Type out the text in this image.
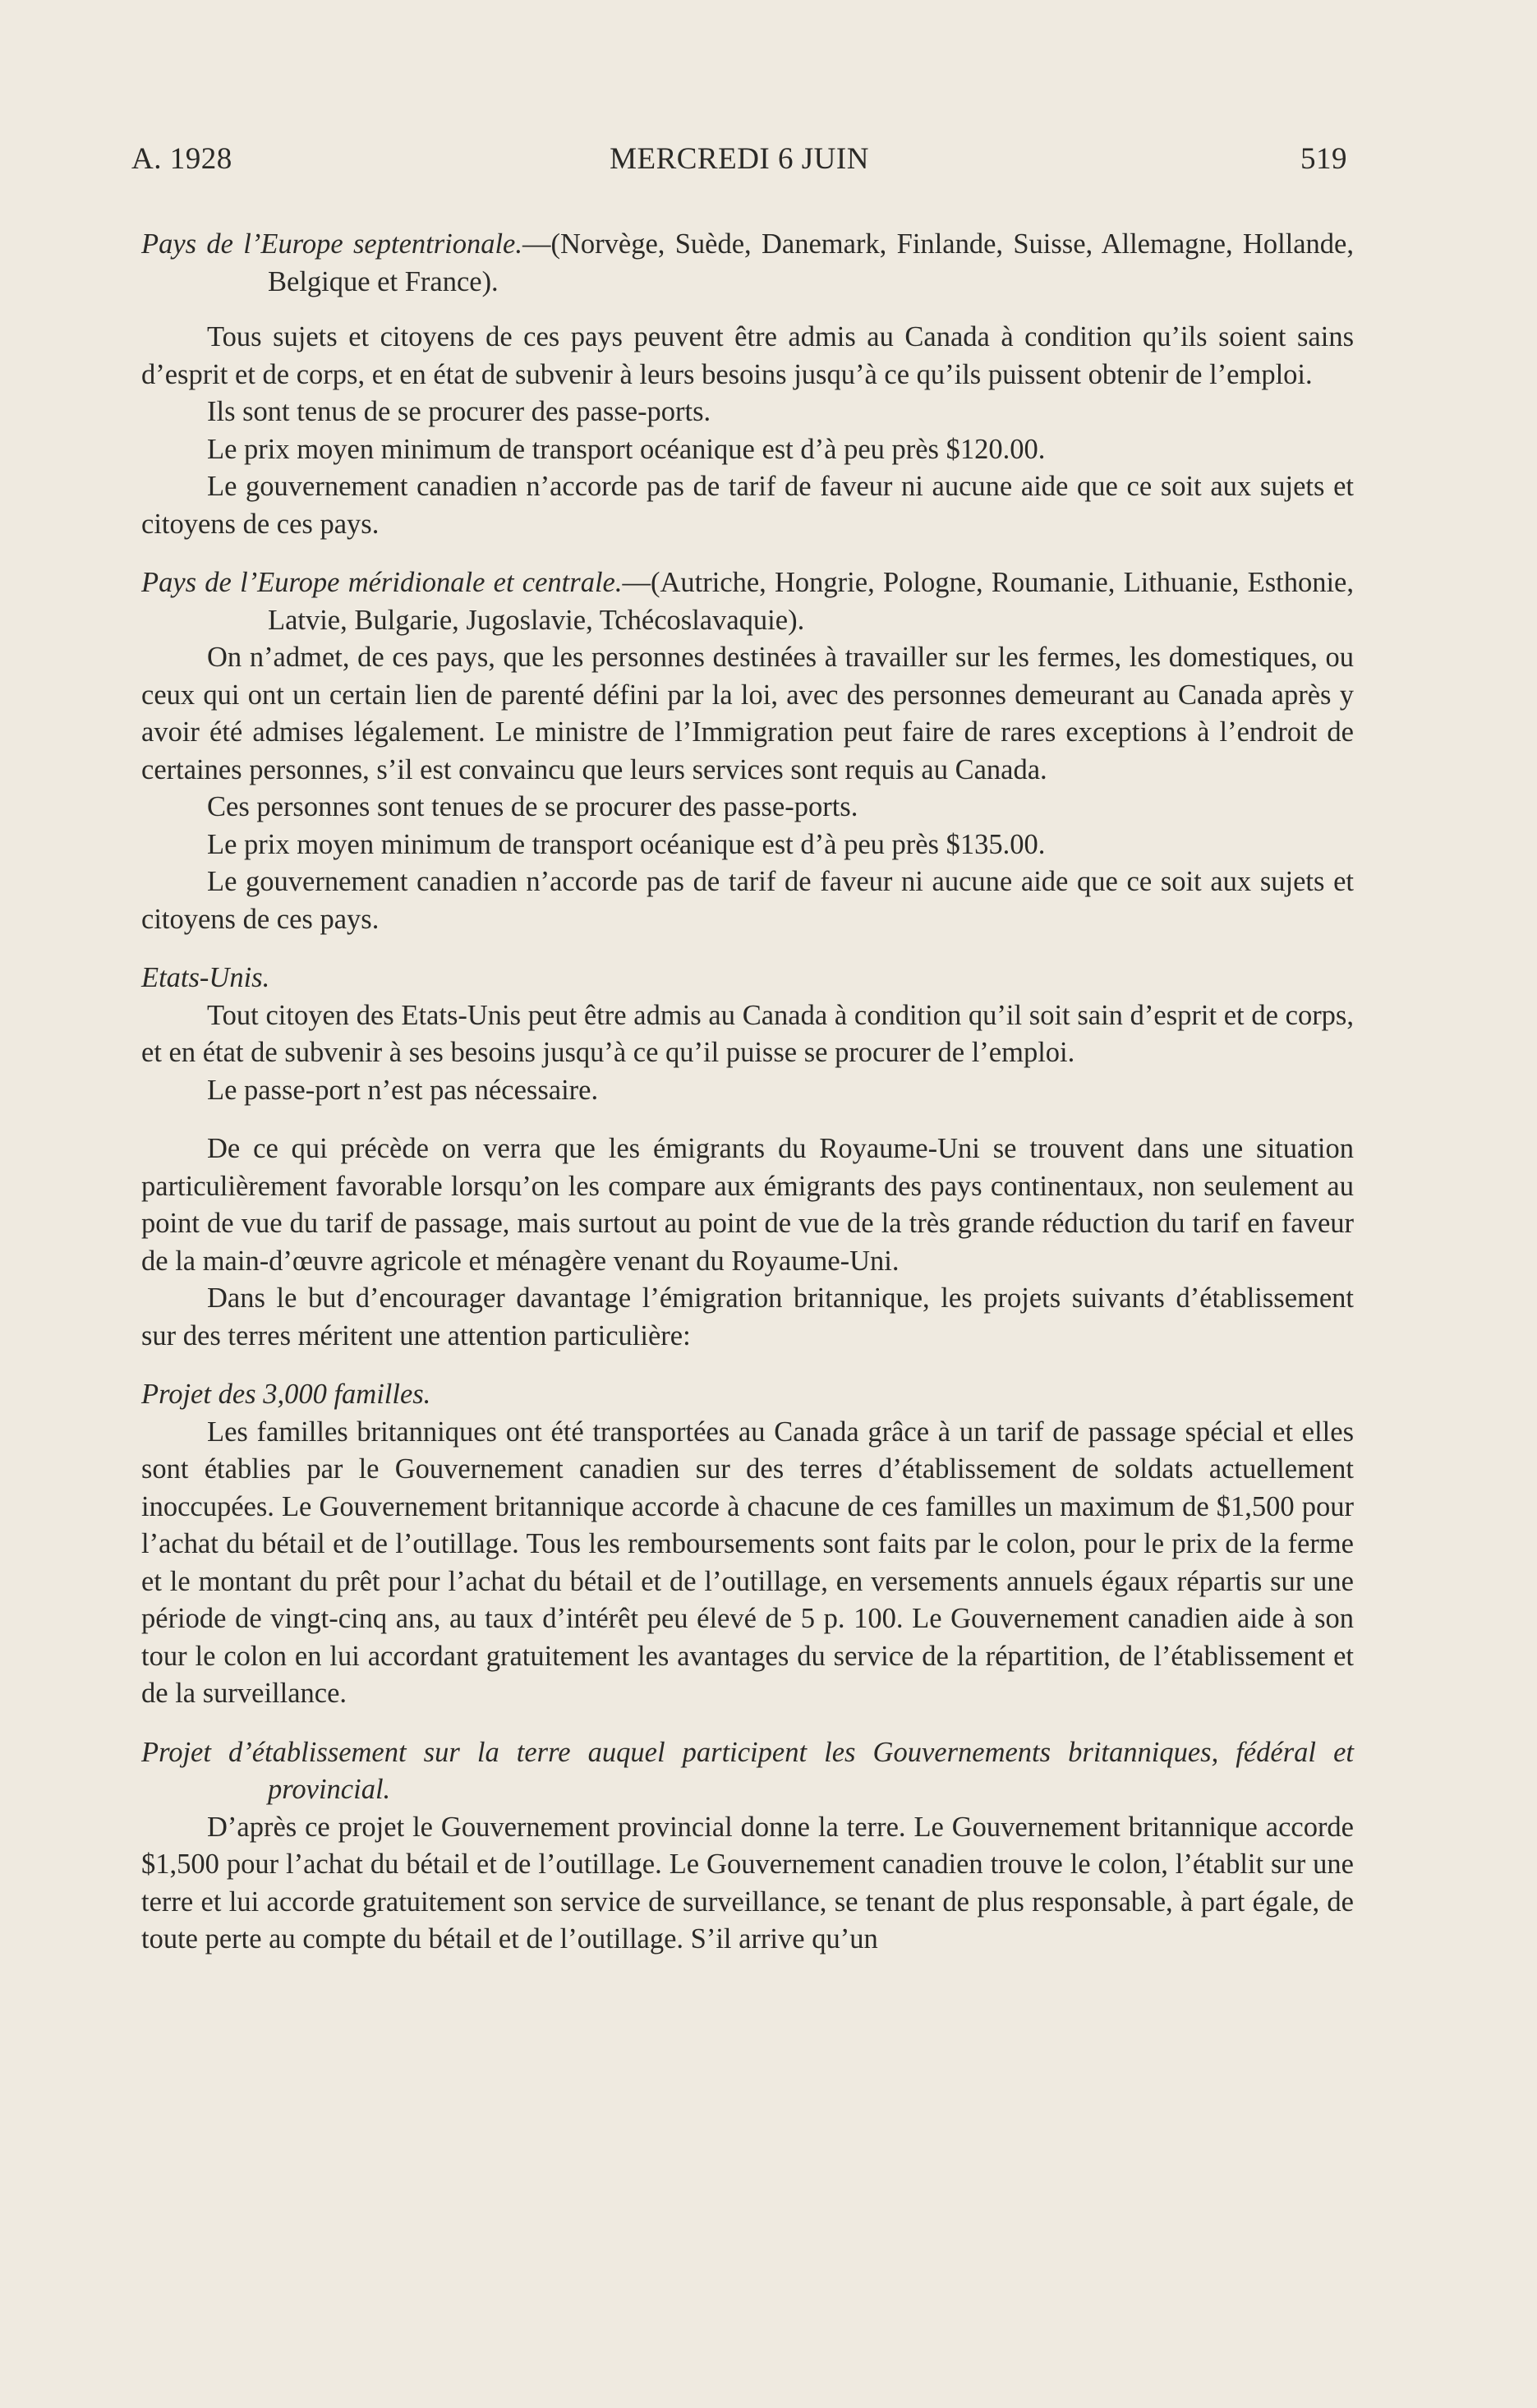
A. 1928	MERCREDI 6 JUIN	519

Pays de l’Europe septentrionale.—(Norvège, Suède, Danemark, Finlande, Suisse, Allemagne, Hollande, Belgique et France).

Tous sujets et citoyens de ces pays peuvent être admis au Canada à condition qu’ils soient sains d’esprit et de corps, et en état de subvenir à leurs besoins jusqu’à ce qu’ils puissent obtenir de l’emploi.

Ils sont tenus de se procurer des passe-ports.

Le prix moyen minimum de transport océanique est d’à peu près $120.00.

Le gouvernement canadien n’accorde pas de tarif de faveur ni aucune aide que ce soit aux sujets et citoyens de ces pays.

Pays de l’Europe méridionale et centrale.—(Autriche, Hongrie, Pologne, Roumanie, Lithuanie, Esthonie, Latvie, Bulgarie, Jugoslavie, Tchécoslavaquie).

On n’admet, de ces pays, que les personnes destinées à travailler sur les fermes, les domestiques, ou ceux qui ont un certain lien de parenté défini par la loi, avec des personnes demeurant au Canada après y avoir été admises légalement. Le ministre de l’Immigration peut faire de rares exceptions à l’endroit de certaines personnes, s’il est convaincu que leurs services sont requis au Canada.

Ces personnes sont tenues de se procurer des passe-ports.

Le prix moyen minimum de transport océanique est d’à peu près $135.00.

Le gouvernement canadien n’accorde pas de tarif de faveur ni aucune aide que ce soit aux sujets et citoyens de ces pays.

Etats-Unis.

Tout citoyen des Etats-Unis peut être admis au Canada à condition qu’il soit sain d’esprit et de corps, et en état de subvenir à ses besoins jusqu’à ce qu’il puisse se procurer de l’emploi.

Le passe-port n’est pas nécessaire.

De ce qui précède on verra que les émigrants du Royaume-Uni se trouvent dans une situation particulièrement favorable lorsqu’on les compare aux émigrants des pays continentaux, non seulement au point de vue du tarif de passage, mais surtout au point de vue de la très grande réduction du tarif en faveur de la main-d’œuvre agricole et ménagère venant du Royaume-Uni.

Dans le but d’encourager davantage l’émigration britannique, les projets suivants d’établissement sur des terres méritent une attention particulière:

Projet des 3,000 familles.

Les familles britanniques ont été transportées au Canada grâce à un tarif de passage spécial et elles sont établies par le Gouvernement canadien sur des terres d’établissement de soldats actuellement inoccupées. Le Gouvernement britannique accorde à chacune de ces familles un maximum de $1,500 pour l’achat du bétail et de l’outillage. Tous les remboursements sont faits par le colon, pour le prix de la ferme et le montant du prêt pour l’achat du bétail et de l’outillage, en versements annuels égaux répartis sur une période de vingt-cinq ans, au taux d’intérêt peu élevé de 5 p. 100. Le Gouvernement canadien aide à son tour le colon en lui accordant gratuitement les avantages du service de la répartition, de l’établissement et de la surveillance.

Projet d’établissement sur la terre auquel participent les Gouvernements britanniques, fédéral et provincial.

D’après ce projet le Gouvernement provincial donne la terre. Le Gouvernement britannique accorde $1,500 pour l’achat du bétail et de l’outillage. Le Gouvernement canadien trouve le colon, l’établit sur une terre et lui accorde gratuitement son service de surveillance, se tenant de plus responsable, à part égale, de toute perte au compte du bétail et de l’outillage. S’il arrive qu’un
